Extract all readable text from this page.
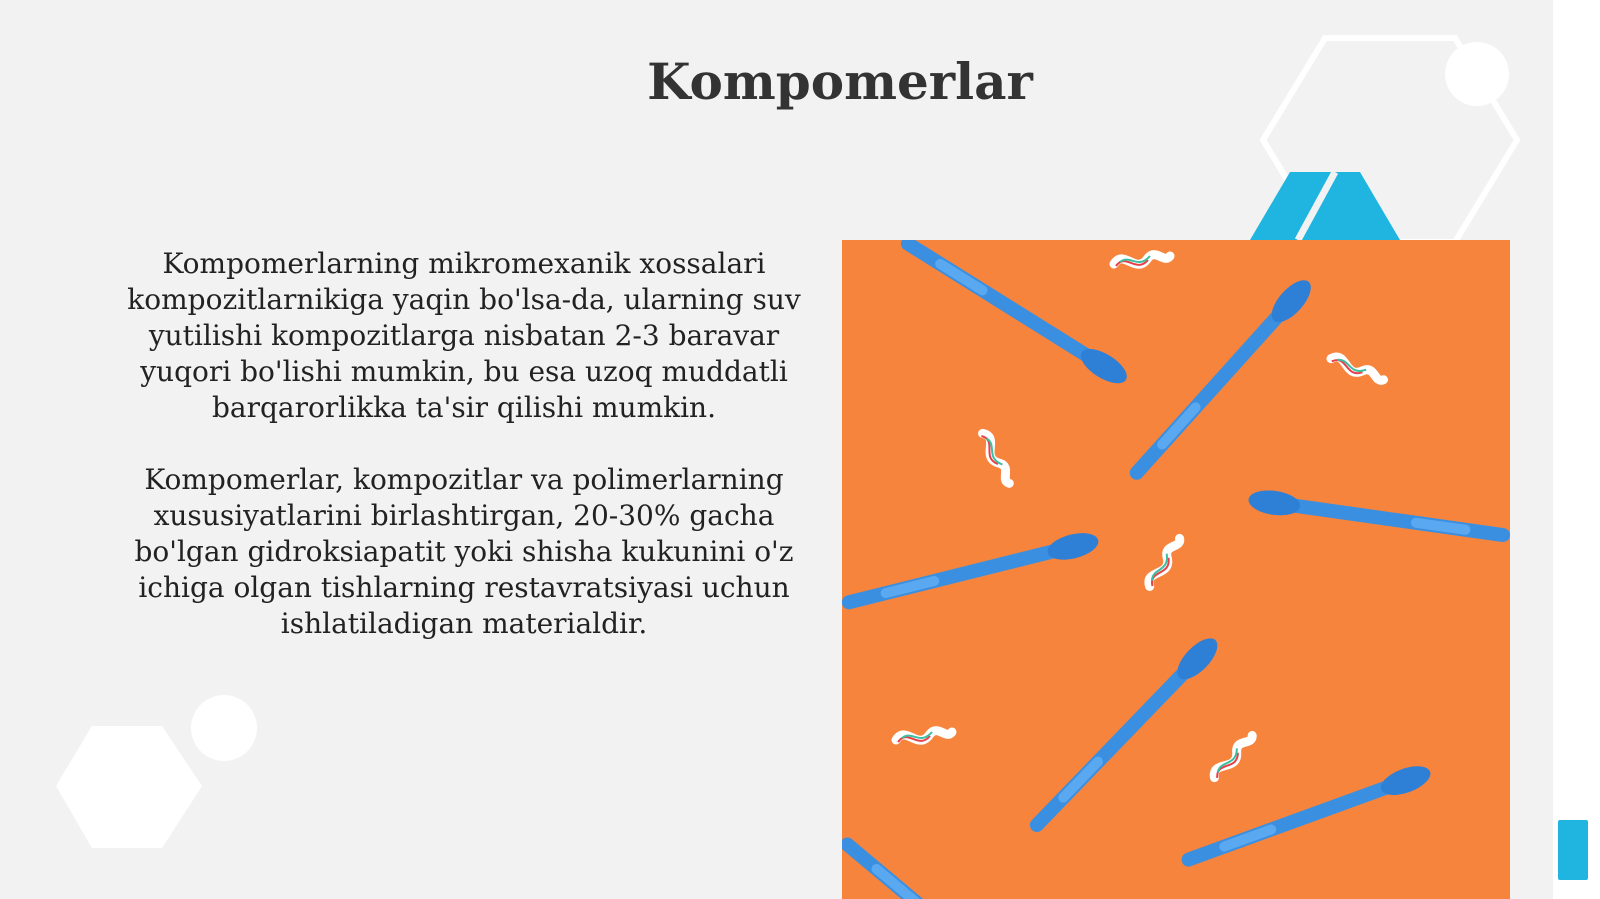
Kompomerlar

Kompomerlarning mikromexanik xossalari kompozitlarnikiga yaqin bo'lsa-da, ularning suv yutilishi kompozitlarga nisbatan 2-3 baravar yuqori bo'lishi mumkin, bu esa uzoq muddatli barqarorlikka ta'sir qilishi mumkin.

Kompomerlar, kompozitlar va polimerlarning xususiyatlarini birlashtirgan, 20-30% gacha bo'lgan gidroksiapatit yoki shisha kukunini o'z ichiga olgan tishlarning restavratsiyasi uchun ishlatiladigan materialdir.
